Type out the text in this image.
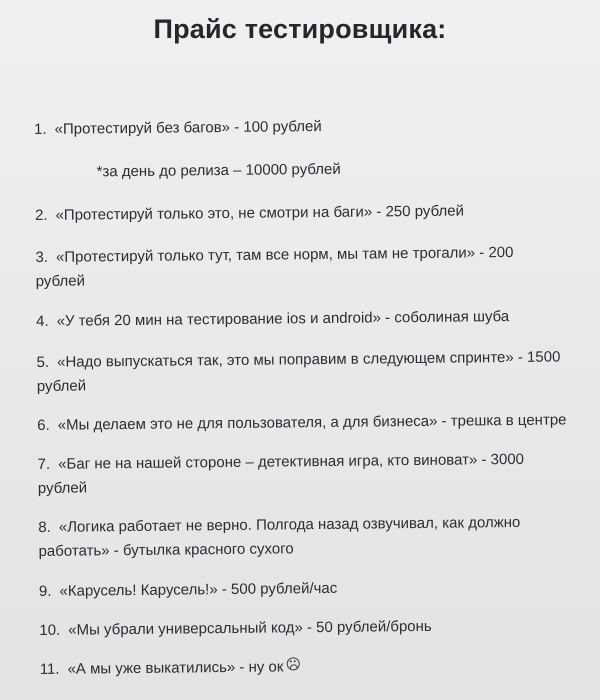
Прайс тестировщика:
1. «Протестируй без багов» - 100 рублей
*за день до релиза – 10000 рублей
2. «Протестируй только это, не смотри на баги» - 250 рублей
3. «Протестируй только тут, там все норм, мы там не трогали» - 200 рублей
4. «У тебя 20 мин на тестирование ios и android» - соболиная шуба
5. «Надо выпускаться так, это мы поправим в следующем спринте» - 1500 рублей
6. «Мы делаем это не для пользователя, а для бизнеса» - трешка в центре
7. «Баг не на нашей стороне – детективная игра, кто виноват» - 3000 рублей
8. «Логика работает не верно. Полгода назад озвучивал, как должно работать» - бутылка красного сухого
9. «Карусель! Карусель!» - 500 рублей/час
10. «Мы убрали универсальный код» - 50 рублей/бронь
11. «А мы уже выкатились» - ну ок
